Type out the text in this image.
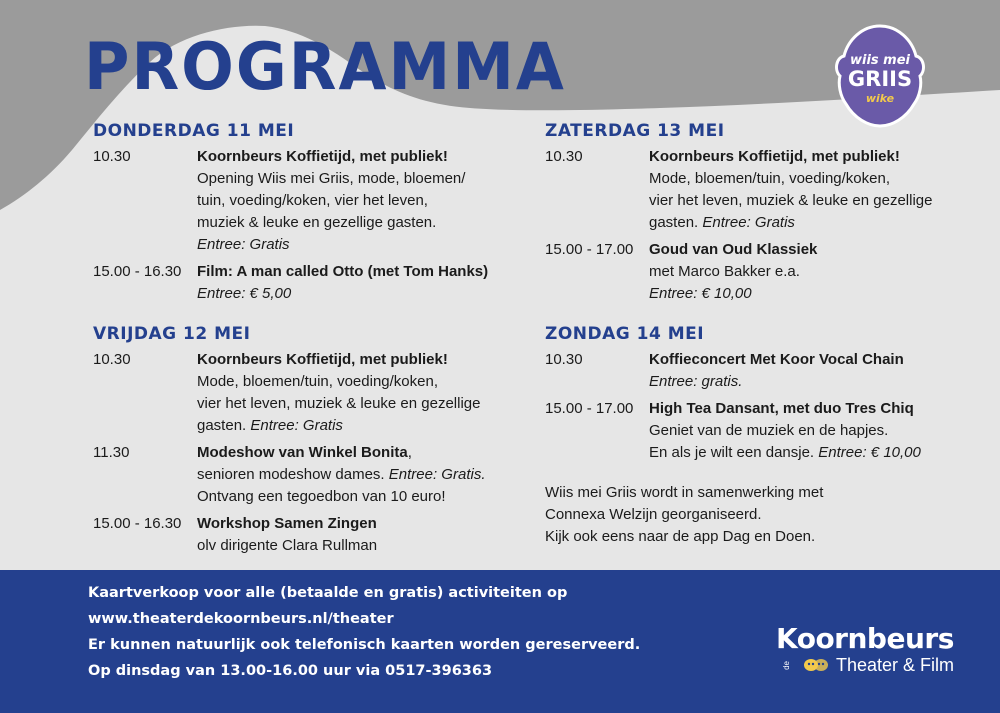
PROGRAMMA	wiis mei
GRIIS
wike
DONDERDAG 11 MEI
10.30	Koornbeurs Koffietijd, met publiek!
Opening Wiis mei Griis, mode, bloemen/
tuin, voeding/koken, vier het leven,
muziek & leuke en gezellige gasten.
Entree: Gratis
15.00 - 16.30	Film: A man called Otto (met Tom Hanks)
Entree: € 5,00
VRIJDAG 12 MEI
10.30	Koornbeurs Koffietijd, met publiek!
Mode, bloemen/tuin, voeding/koken,
vier het leven, muziek & leuke en gezellige
gasten. Entree: Gratis
11.30	Modeshow van Winkel Bonita,
senioren modeshow dames. Entree: Gratis.
Ontvang een tegoedbon van 10 euro!
15.00 - 16.30	Workshop Samen Zingen
olv dirigente Clara Rullman
ZATERDAG 13 MEI
10.30	Koornbeurs Koffietijd, met publiek!
Mode, bloemen/tuin, voeding/koken,
vier het leven, muziek & leuke en gezellige
gasten. Entree: Gratis
15.00 - 17.00	Goud van Oud Klassiek
met Marco Bakker e.a.
Entree: € 10,00
ZONDAG 14 MEI
10.30	Koffieconcert Met Koor Vocal Chain
Entree: gratis.
15.00 - 17.00	High Tea Dansant, met duo Tres Chiq
Geniet van de muziek en de hapjes.
En als je wilt een dansje. Entree: € 10,00
Wiis mei Griis wordt in samenwerking met
Connexa Welzijn georganiseerd.
Kijk ook eens naar de app Dag en Doen.
Kaartverkoop voor alle (betaalde en gratis) activiteiten op
www.theaterdekoornbeurs.nl/theater
Er kunnen natuurlijk ook telefonisch kaarten worden gereserveerd.
Op dinsdag van 13.00-16.00 uur via 0517-396363
Koornbeurs
de	Theater & Film
